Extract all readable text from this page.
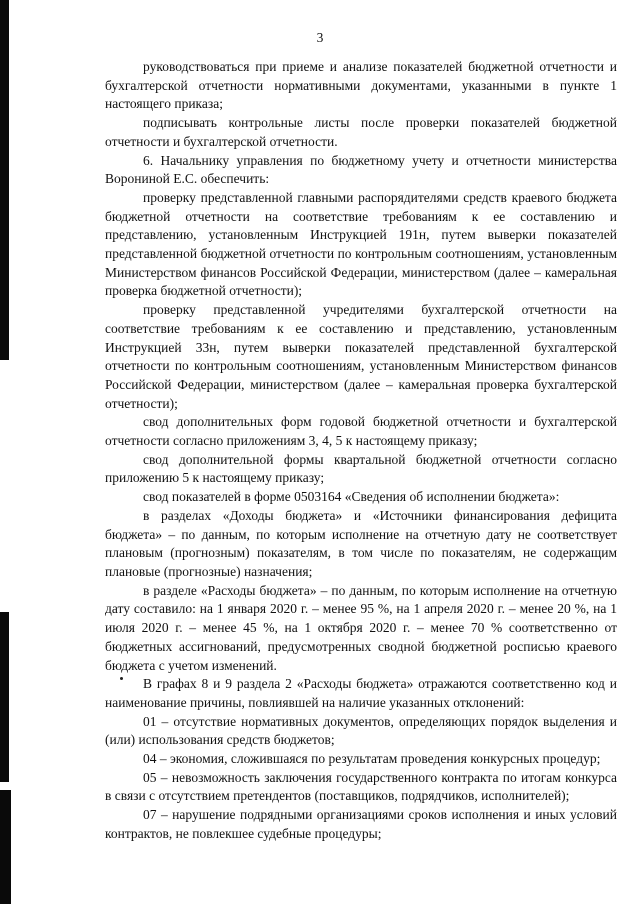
3

руководствоваться при приеме и анализе показателей бюджетной отчетности и бухгалтерской отчетности нормативными документами, указанными в пункте 1 настоящего приказа;

подписывать контрольные листы после проверки показателей бюджетной отчетности и бухгалтерской отчетности.

6. Начальнику управления по бюджетному учету и отчетности министерства Ворониной Е.С. обеспечить:

проверку представленной главными распорядителями средств краевого бюджета бюджетной отчетности на соответствие требованиям к ее составлению и представлению, установленным Инструкцией 191н, путем выверки показателей представленной бюджетной отчетности по контрольным соотношениям, установленным Министерством финансов Российской Федерации, министерством (далее – камеральная проверка бюджетной отчетности);

проверку представленной учредителями бухгалтерской отчетности на соответствие требованиям к ее составлению и представлению, установленным Инструкцией 33н, путем выверки показателей представленной бухгалтерской отчетности по контрольным соотношениям, установленным Министерством финансов Российской Федерации, министерством (далее – камеральная проверка бухгалтерской отчетности);

свод дополнительных форм годовой бюджетной отчетности и бухгалтерской отчетности согласно приложениям 3, 4, 5 к настоящему приказу;

свод дополнительной формы квартальной бюджетной отчетности согласно приложению 5 к настоящему приказу;

свод показателей в форме 0503164 «Сведения об исполнении бюджета»:

в разделах «Доходы бюджета» и «Источники финансирования дефицита бюджета» – по данным, по которым исполнение на отчетную дату не соответствует плановым (прогнозным) показателям, в том числе по показателям, не содержащим плановые (прогнозные) назначения;

в разделе «Расходы бюджета» – по данным, по которым исполнение на отчетную дату составило: на 1 января 2020 г. – менее 95 %, на 1 апреля 2020 г. – менее 20 %, на 1 июля 2020 г. – менее 45 %, на 1 октября 2020 г. – менее 70 % соответственно от бюджетных ассигнований, предусмотренных сводной бюджетной росписью краевого бюджета с учетом изменений.

В графах 8 и 9 раздела 2 «Расходы бюджета» отражаются соответственно код и наименование причины, повлиявшей на наличие указанных отклонений:

01 – отсутствие нормативных документов, определяющих порядок выделения и (или) использования средств бюджетов;

04 – экономия, сложившаяся по результатам проведения конкурсных процедур;

05 – невозможность заключения государственного контракта по итогам конкурса в связи с отсутствием претендентов (поставщиков, подрядчиков, исполнителей);

07 – нарушение подрядными организациями сроков исполнения и иных условий контрактов, не повлекшее судебные процедуры;
